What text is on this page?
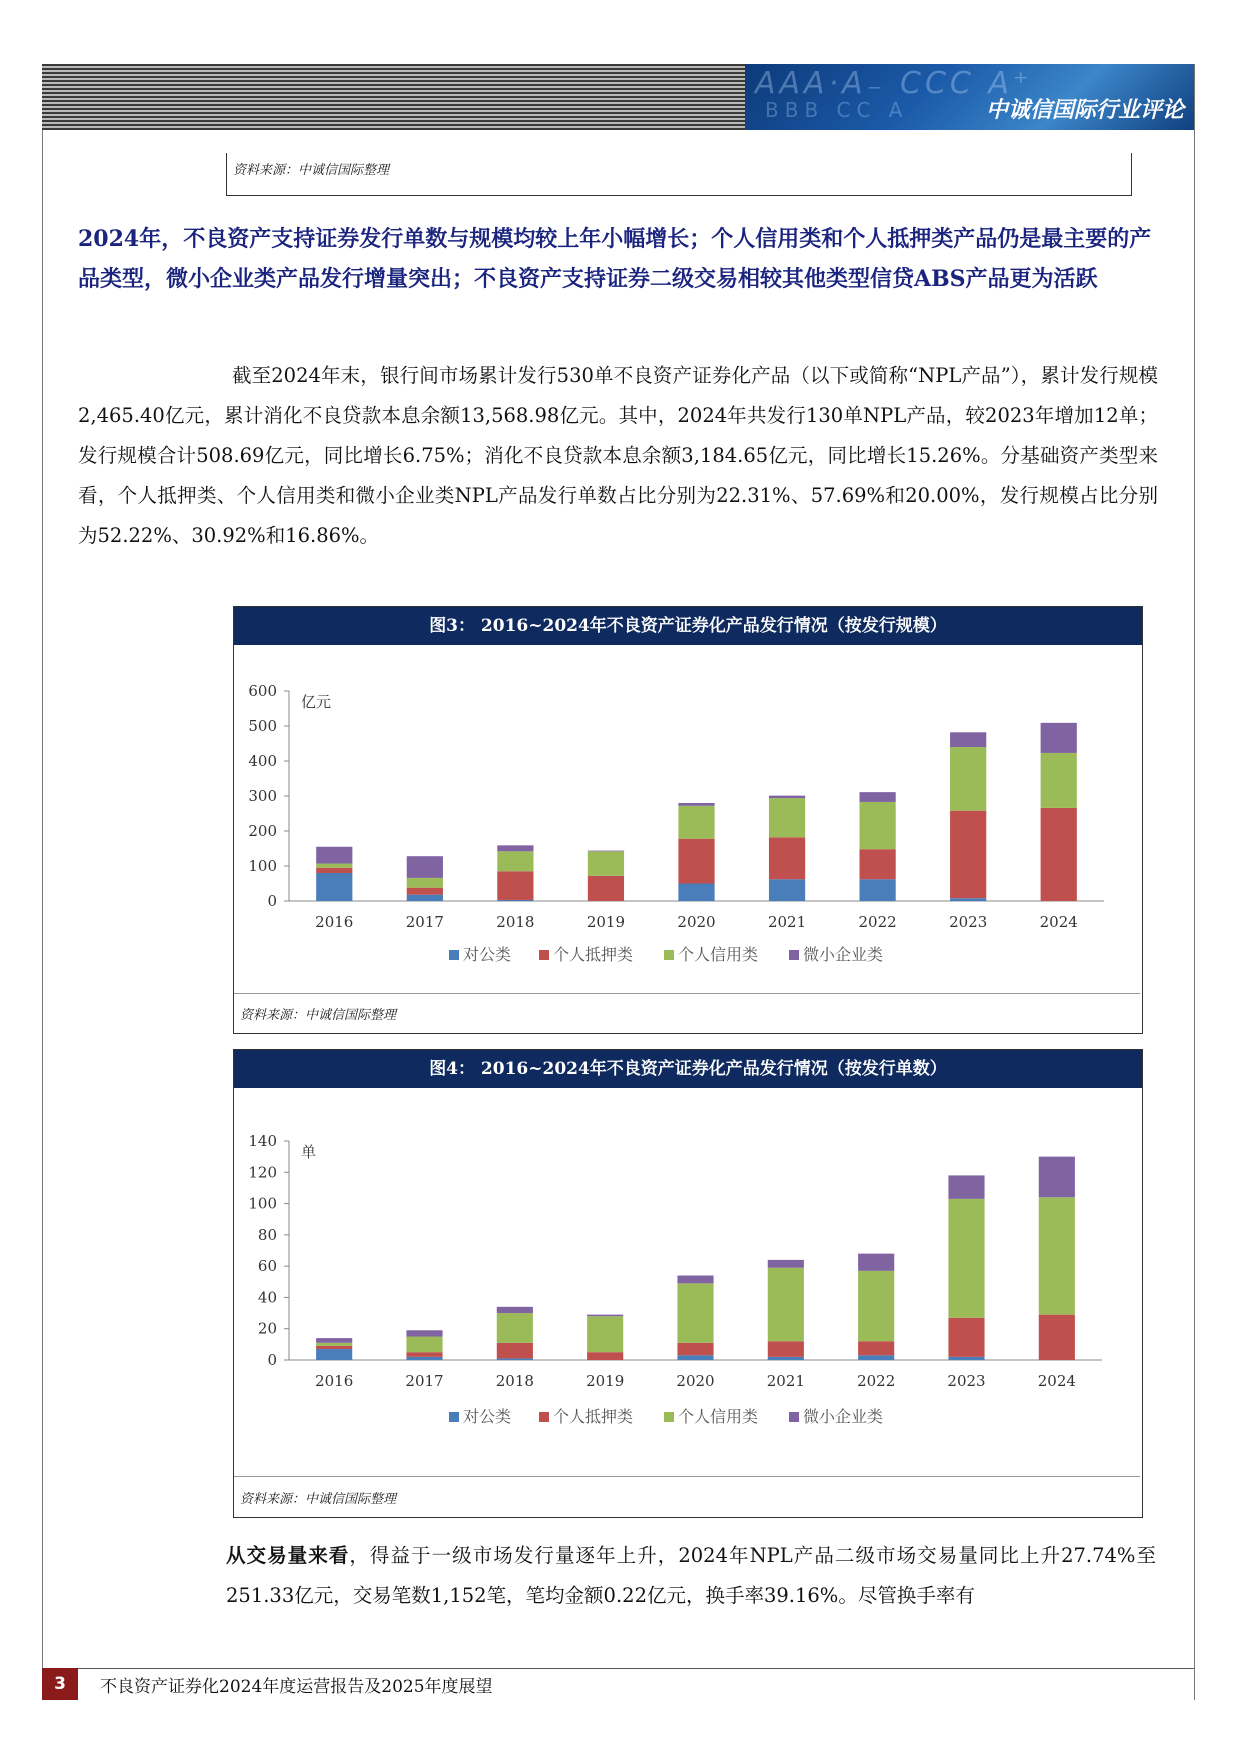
AAA·A₋ CCC A⁺
BBB CC A	中诚信国际行业评论
资料来源：中诚信国际整理
2024年，不良资产支持证券发行单数与规模均较上年小幅增长；个人信用类和个人抵押类产品仍是最主要的产品类型，微小企业类产品发行增量突出；不良资产支持证券二级交易相较其他类型信贷ABS产品更为活跃
截至2024年末，银行间市场累计发行530单不良资产证券化产品（以下或简称“NPL产品”），累计发行规模2,465.40亿元，累计消化不良贷款本息余额13,568.98亿元。其中，2024年共发行130单NPL产品，较2023年增加12单；发行规模合计508.69亿元，同比增长6.75%；消化不良贷款本息余额3,184.65亿元，同比增长15.26%。分基础资产类型来看，个人抵押类、个人信用类和微小企业类NPL产品发行单数占比分别为22.31%、57.69%和20.00%，发行规模占比分别为52.22%、30.92%和16.86%。
图3： 2016~2024年不良资产证券化产品发行情况（按发行规模）
0
100
200
300
400
500
600
亿元
2016	2017	2018	2019	2020	2021	2022	2023	2024
对公类	个人抵押类	个人信用类	微小企业类
资料来源：中诚信国际整理
图4： 2016~2024年不良资产证券化产品发行情况（按发行单数）
0
20
40
60
80
100
120
140
单
2016	2017	2018	2019	2020	2021	2022	2023	2024
对公类	个人抵押类	个人信用类	微小企业类
资料来源：中诚信国际整理
从交易量来看，得益于一级市场发行量逐年上升，2024年NPL产品二级市场交易量同比上升27.74%至251.33亿元，交易笔数1,152笔，笔均金额0.22亿元，换手率39.16%。尽管换手率有
3	不良资产证券化2024年度运营报告及2025年度展望
